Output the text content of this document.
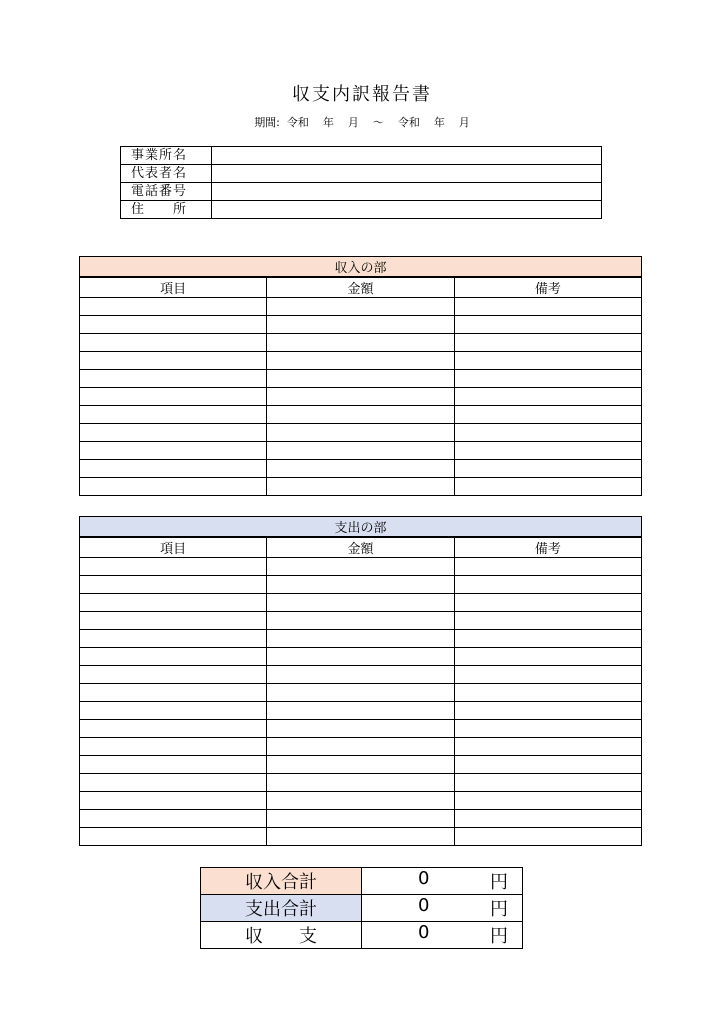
収支内訳報告書
期間:  令和    年    月    〜    令和    年    月
事業所名	
代表者名	
電話番号	
住　　所	
収入の部		
項目	金額	備考

支出の部		
項目	金額	備考

収入合計	0 円

支出合計	0 円

収　　支	0 円
